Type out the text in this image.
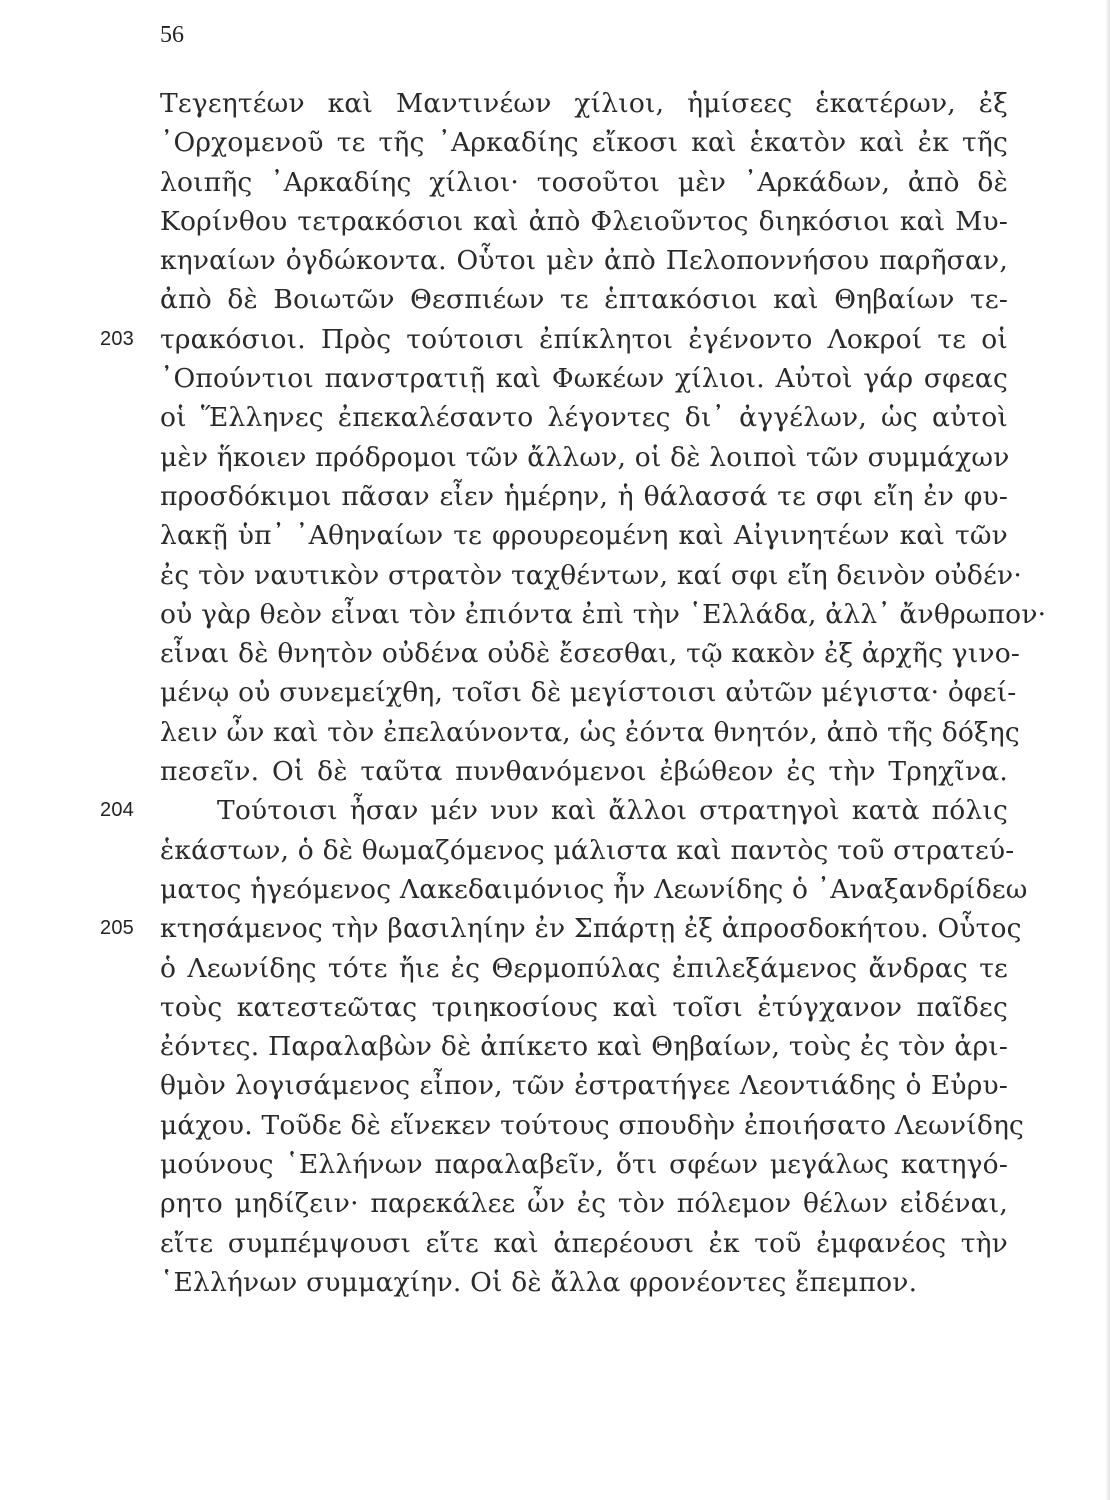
56
Τεγεητέων καὶ Μαντινέων χίλιοι, ἡμίσεες ἑκατέρων, ἐξ
᾽Ορχομενοῦ τε τῆς ᾽Αρκαδίης εἴκοσι καὶ ἑκατὸν καὶ ἐκ τῆς
λοιπῆς ᾽Αρκαδίης χίλιοι· τοσοῦτοι μὲν ᾽Αρκάδων, ἀπὸ δὲ
Κορίνθου τετρακόσιοι καὶ ἀπὸ Φλειοῦντος διηκόσιοι καὶ Μυ-
κηναίων ὀγδώκοντα. Οὗτοι μὲν ἀπὸ Πελοποννήσου παρῆσαν,
ἀπὸ δὲ Βοιωτῶν Θεσπιέων τε ἑπτακόσιοι καὶ Θηβαίων τε-
203 τρακόσιοι. Πρὸς τούτοισι ἐπίκλητοι ἐγένοντο Λοκροί τε οἱ
᾽Οπούντιοι πανστρατιῇ καὶ Φωκέων χίλιοι. Αὐτοὶ γάρ σφεας
οἱ Ἕλληνες ἐπεκαλέσαντο λέγοντες δι᾽ ἀγγέλων, ὡς αὐτοὶ
μὲν ἥκοιεν πρόδρομοι τῶν ἄλλων, οἱ δὲ λοιποὶ τῶν συμμάχων
προσδόκιμοι πᾶσαν εἶεν ἡμέρην, ἡ θάλασσά τε σφι εἴη ἐν φυ-
λακῇ ὑπ᾽ ᾽Αθηναίων τε φρουρεομένη καὶ Αἰγινητέων καὶ τῶν
ἐς τὸν ναυτικὸν στρατὸν ταχθέντων, καί σφι εἴη δεινὸν οὐδέν·
οὐ γὰρ θεὸν εἶναι τὸν ἐπιόντα ἐπὶ τὴν ῾Ελλάδα, ἀλλ᾽ ἄνθρωπον·
εἶναι δὲ θνητὸν οὐδένα οὐδὲ ἔσεσθαι, τῷ κακὸν ἐξ ἀρχῆς γινο-
μένῳ οὐ συνεμείχθη, τοῖσι δὲ μεγίστοισι αὐτῶν μέγιστα· ὀφεί-
λειν ὦν καὶ τὸν ἐπελαύνοντα, ὡς ἐόντα θνητόν, ἀπὸ τῆς δόξης
πεσεῖν. Οἱ δὲ ταῦτα πυνθανόμενοι ἐβώθεον ἐς τὴν Τρηχῖνα.
204	Τούτοισι ἦσαν μέν νυν καὶ ἄλλοι στρατηγοὶ κατὰ πόλις
ἑκάστων, ὁ δὲ θωμαζόμενος μάλιστα καὶ παντὸς τοῦ στρατεύ-
ματος ἡγεόμενος Λακεδαιμόνιος ἦν Λεωνίδης ὁ ᾽Αναξανδρίδεω
205 κτησάμενος τὴν βασιληίην ἐν Σπάρτῃ ἐξ ἀπροσδοκήτου. Οὗτος
ὁ Λεωνίδης τότε ἤιε ἐς Θερμοπύλας ἐπιλεξάμενος ἄνδρας τε
τοὺς κατεστεῶτας τριηκοσίους καὶ τοῖσι ἐτύγχανον παῖδες
ἐόντες. Παραλαβὼν δὲ ἀπίκετο καὶ Θηβαίων, τοὺς ἐς τὸν ἀρι-
θμὸν λογισάμενος εἶπον, τῶν ἐστρατήγεε Λεοντιάδης ὁ Εὐρυ-
μάχου. Τοῦδε δὲ εἵνεκεν τούτους σπουδὴν ἐποιήσατο Λεωνίδης
μούνους ῾Ελλήνων παραλαβεῖν, ὅτι σφέων μεγάλως κατηγό-
ρητο μηδίζειν· παρεκάλεε ὦν ἐς τὸν πόλεμον θέλων εἰδέναι,
εἴτε συμπέμψουσι εἴτε καὶ ἀπερέουσι ἐκ τοῦ ἐμφανέος τὴν
῾Ελλήνων συμμαχίην. Οἱ δὲ ἄλλα φρονέοντες ἔπεμπον.
